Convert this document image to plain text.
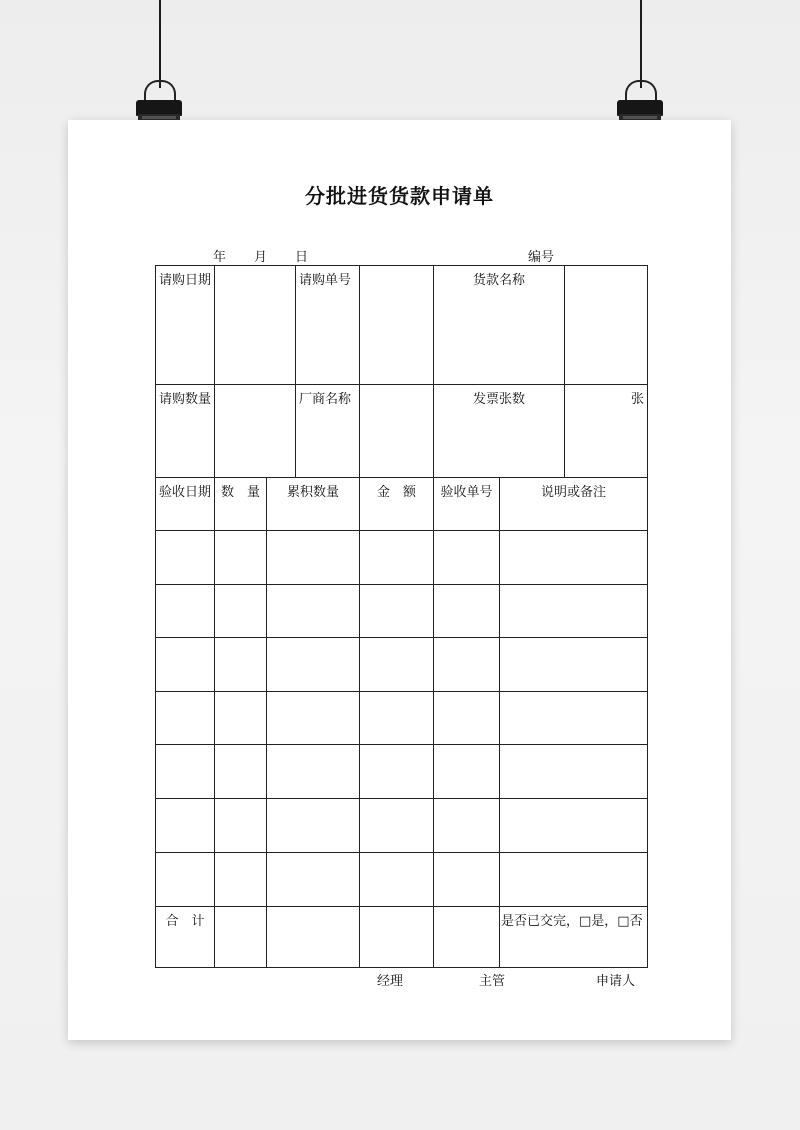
分批进货货款申请单
年 月 日	编号
请购日期			请购单号		货款名称		
请购数量			厂商名称		发票张数		张
验收日期	数　量	累积数量		金　额	验收单号	说明或备注	

合　计						是否已交完，□是，□否	
经理	主管	申请人
